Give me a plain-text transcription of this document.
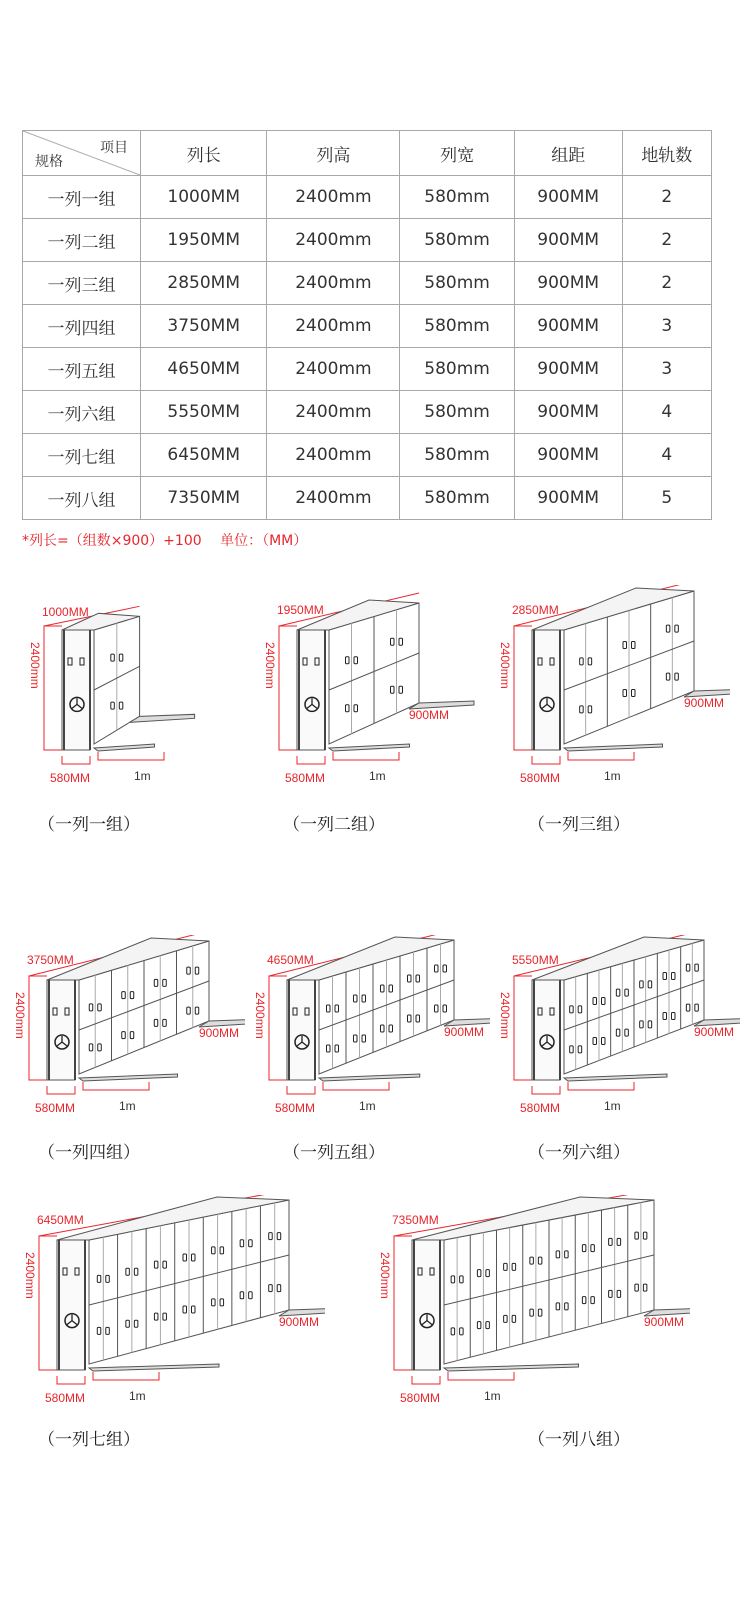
项目
规格	列长	列高	列宽	组距	地轨数
一列一组	1000MM	2400mm	580mm	900MM	2
一列二组	1950MM	2400mm	580mm	900MM	2
一列三组	2850MM	2400mm	580mm	900MM	2
一列四组	3750MM	2400mm	580mm	900MM	3
一列五组	4650MM	2400mm	580mm	900MM	3
一列六组	5550MM	2400mm	580mm	900MM	4
一列七组	6450MM	2400mm	580mm	900MM	4
一列八组	7350MM	2400mm	580mm	900MM	5
*列长=（组数×900）+100　 单位：（MM）
1000MM
2400mm
580MM	1m
（一列一组）
1950MM
2400mm
580MM	1m
900MM
（一列二组）
2850MM
2400mm
580MM	1m
900MM
（一列三组）
3750MM
2400mm
580MM	1m
900MM
（一列四组）
4650MM
2400mm
580MM	1m
900MM
（一列五组）
5550MM
2400mm
580MM	1m
900MM
（一列六组）
6450MM
2400mm
580MM	1m
900MM
（一列七组）
7350MM
2400mm
580MM	1m
900MM
（一列八组）
